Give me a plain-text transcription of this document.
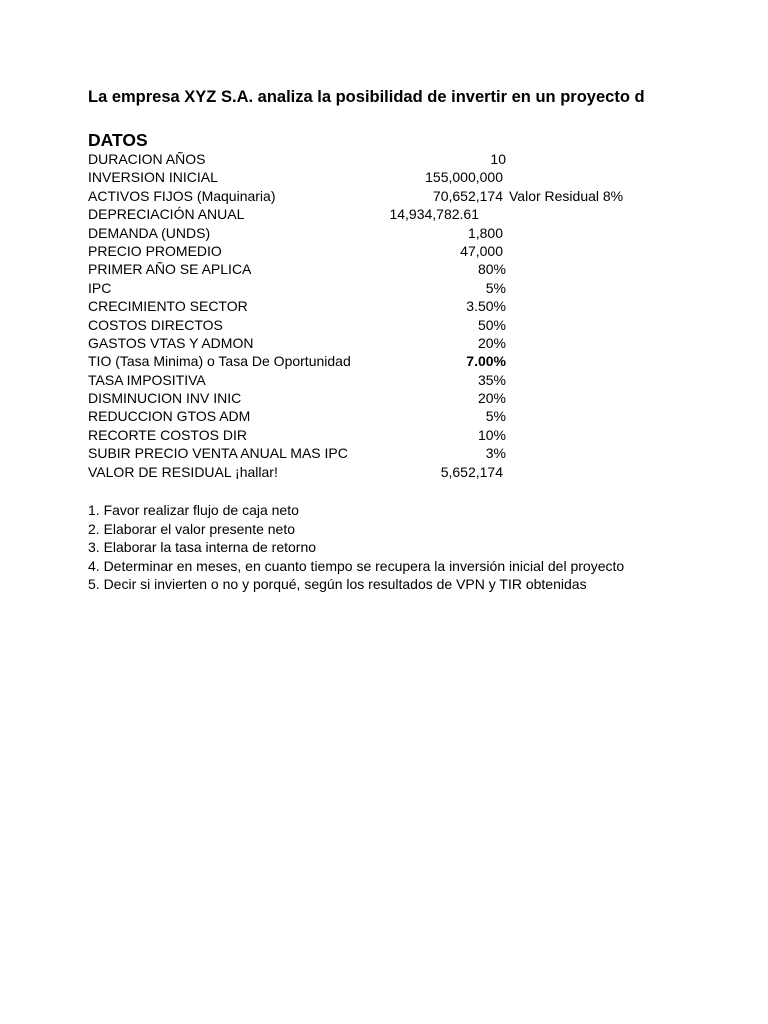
La empresa XYZ S.A. analiza la posibilidad de invertir en un proyecto d
DATOS
DURACION AÑOS	10
INVERSION INICIAL	155,000,000
ACTIVOS FIJOS (Maquinaria)	70,652,174 Valor Residual 8%
DEPRECIACIÓN ANUAL	14,934,782.61
DEMANDA (UNDS)	1,800
PRECIO PROMEDIO	47,000
PRIMER AÑO SE APLICA	80%
IPC	5%
CRECIMIENTO SECTOR	3.50%
COSTOS DIRECTOS	50%
GASTOS VTAS Y ADMON	20%
TIO (Tasa Minima) o Tasa De Oportunidad	7.00%
TASA IMPOSITIVA	35%
DISMINUCION INV INIC	20%
REDUCCION GTOS ADM	5%
RECORTE COSTOS DIR	10%
SUBIR PRECIO VENTA ANUAL MAS IPC	3%
VALOR DE RESIDUAL ¡hallar!	5,652,174
1. Favor realizar flujo de caja neto
2. Elaborar el valor presente neto
3. Elaborar la tasa interna de retorno
4. Determinar en meses, en cuanto tiempo se recupera la inversión inicial del proyecto
5. Decir si invierten o no y porqué, según los resultados de VPN y TIR obtenidas
